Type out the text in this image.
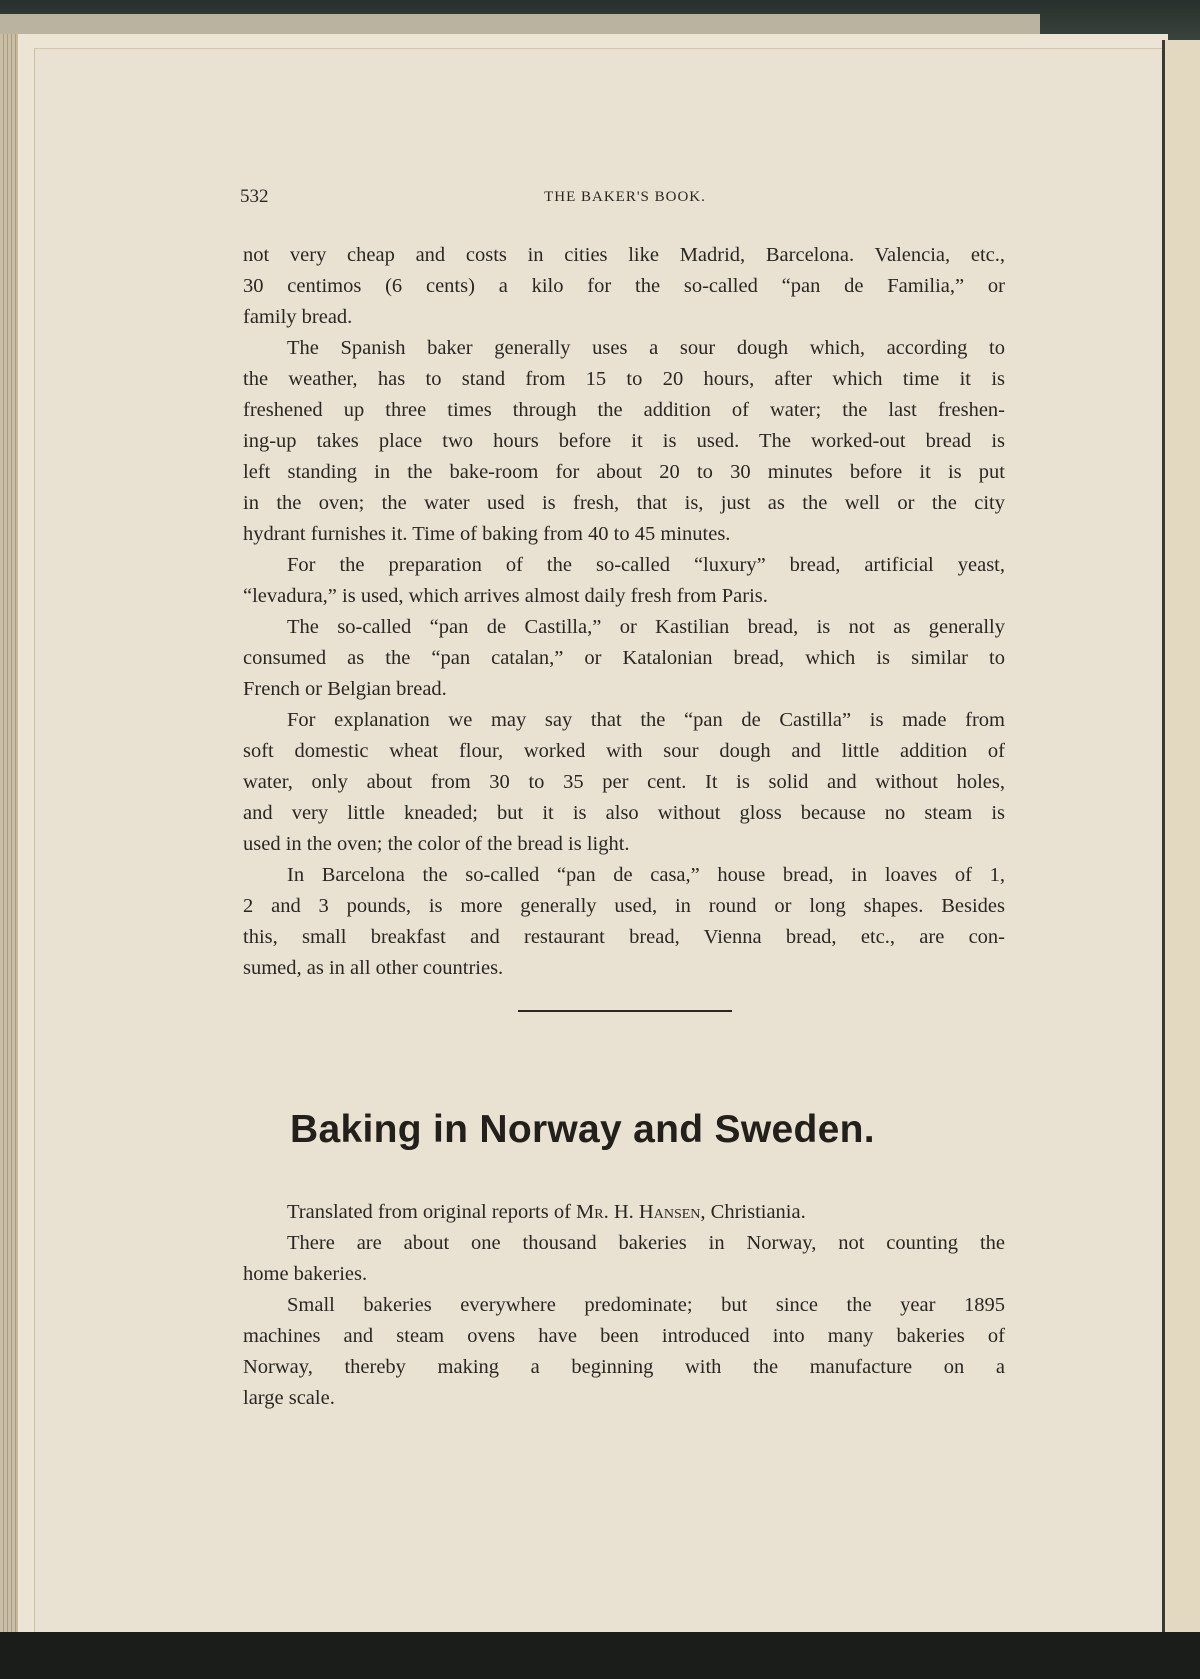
532	THE BAKER'S BOOK.
not very cheap and costs in cities like Madrid, Barcelona. Valencia, etc.,
30 centimos (6 cents) a kilo for the so-called “pan de Familia,” or
family bread.
The Spanish baker generally uses a sour dough which, according to
the weather, has to stand from 15 to 20 hours, after which time it is
freshened up three times through the addition of water; the last freshen-
ing-up takes place two hours before it is used. The worked-out bread is
left standing in the bake-room for about 20 to 30 minutes before it is put
in the oven; the water used is fresh, that is, just as the well or the city
hydrant furnishes it. Time of baking from 40 to 45 minutes.
For the preparation of the so-called “luxury” bread, artificial yeast,
“levadura,” is used, which arrives almost daily fresh from Paris.
The so-called “pan de Castilla,” or Kastilian bread, is not as generally
consumed as the “pan catalan,” or Katalonian bread, which is similar to
French or Belgian bread.
For explanation we may say that the “pan de Castilla” is made from
soft domestic wheat flour, worked with sour dough and little addition of
water, only about from 30 to 35 per cent. It is solid and without holes,
and very little kneaded; but it is also without gloss because no steam is
used in the oven; the color of the bread is light.
In Barcelona the so-called “pan de casa,” house bread, in loaves of 1,
2 and 3 pounds, is more generally used, in round or long shapes. Besides
this, small breakfast and restaurant bread, Vienna bread, etc., are con-
sumed, as in all other countries.
Baking in Norway and Sweden.
Translated from original reports of Mr. H. Hansen, Christiania.
There are about one thousand bakeries in Norway, not counting the
home bakeries.
Small bakeries everywhere predominate; but since the year 1895
machines and steam ovens have been introduced into many bakeries of
Norway, thereby making a beginning with the manufacture on a
large scale.
